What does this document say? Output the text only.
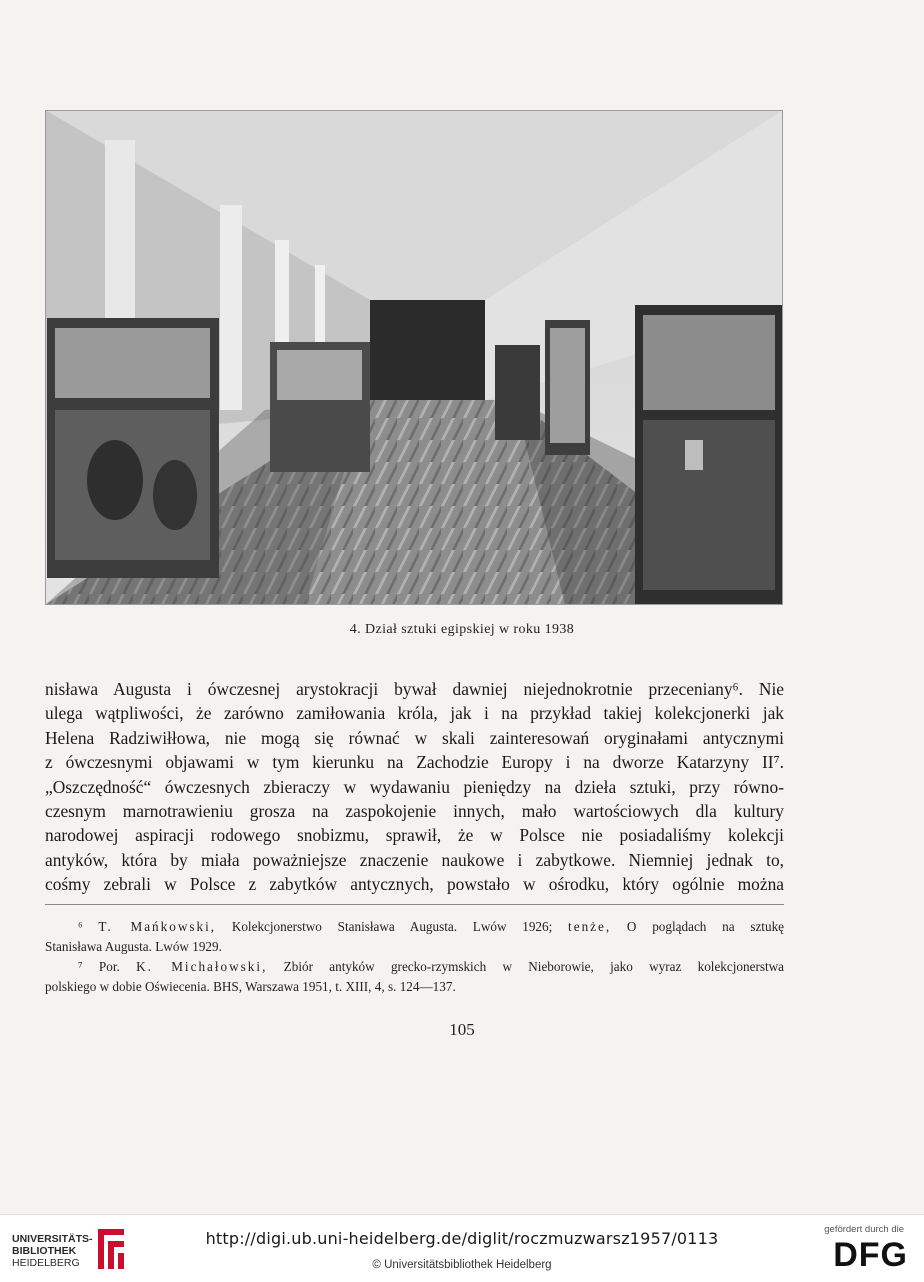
4. Dział sztuki egipskiej w roku 1938
nisława Augusta i ówczesnej arystokracji bywał dawniej niejednokrotnie przeceniany⁶. Nie
ulega wątpliwości, że zarówno zamiłowania króla, jak i na przykład takiej kolekcjonerki jak
Helena Radziwiłłowa, nie mogą się równać w skali zainteresowań oryginałami antycznymi
z ówczesnymi objawami w tym kierunku na Zachodzie Europy i na dworze Katarzyny II⁷.
„Oszczędność“ ówczesnych zbieraczy w wydawaniu pieniędzy na dzieła sztuki, przy równo-
czesnym marnotrawieniu grosza na zaspokojenie innych, mało wartościowych dla kultury
narodowej aspiracji rodowego snobizmu, sprawił, że w Polsce nie posiadaliśmy kolekcji
antyków, która by miała poważniejsze znaczenie naukowe i zabytkowe. Niemniej jednak to,
cośmy zebrali w Polsce z zabytków antycznych, powstało w ośrodku, który ogólnie można
⁶ T. Mańkowski, Kolekcjonerstwo Stanisława Augusta. Lwów 1926; tenże, O poglądach na sztukę
Stanisława Augusta. Lwów 1929.
⁷ Por. K. Michałowski, Zbiór antyków grecko-rzymskich w Nieborowie, jako wyraz kolekcjonerstwa
polskiego w dobie Oświecenia. BHS, Warszawa 1951, t. XIII, 4, s. 124—137.
105
UNIVERSITÄTS-
BIBLIOTHEK
HEIDELBERG
http://digi.ub.uni-heidelberg.de/diglit/roczmuzwarsz1957/0113
© Universitätsbibliothek Heidelberg
gefördert durch die
DFG
